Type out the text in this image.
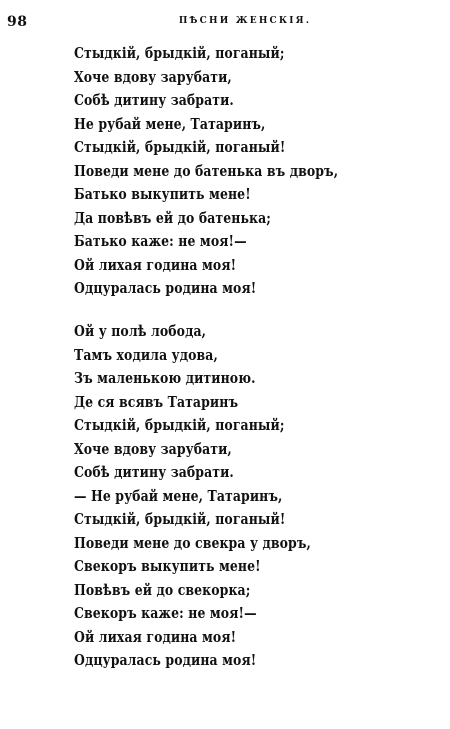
98	ПѢСНИ ЖЕНСКІЯ.
Стыдкій, брыдкій, поганый;
Хоче вдову зарубати,
Собѣ дитину забрати.
Не рубай мене, Татаринъ,
Стыдкій, брыдкій, поганый!
Поведи мене до батенька въ дворъ,
Батько выкупить мене!
Да повѣвъ ей до батенька;
Батько каже: не моя!—
Ой лихая година моя!
Одцуралась родина моя!
Ой у полѣ лобода,
Тамъ ходила удова,
Зъ маленькою дитиною.
Де ся всявъ Татаринъ
Стыдкій, брыдкій, поганый;
Хоче вдову зарубати,
Собѣ дитину забрати.
— Не рубай мене, Татаринъ,
Стыдкій, брыдкій, поганый!
Поведи мене до свекра у дворъ,
Свекоръ выкупить мене!
Повѣвъ ей до свекорка;
Свекоръ каже: не моя!—
Ой лихая година моя!
Одцуралась родина моя!
